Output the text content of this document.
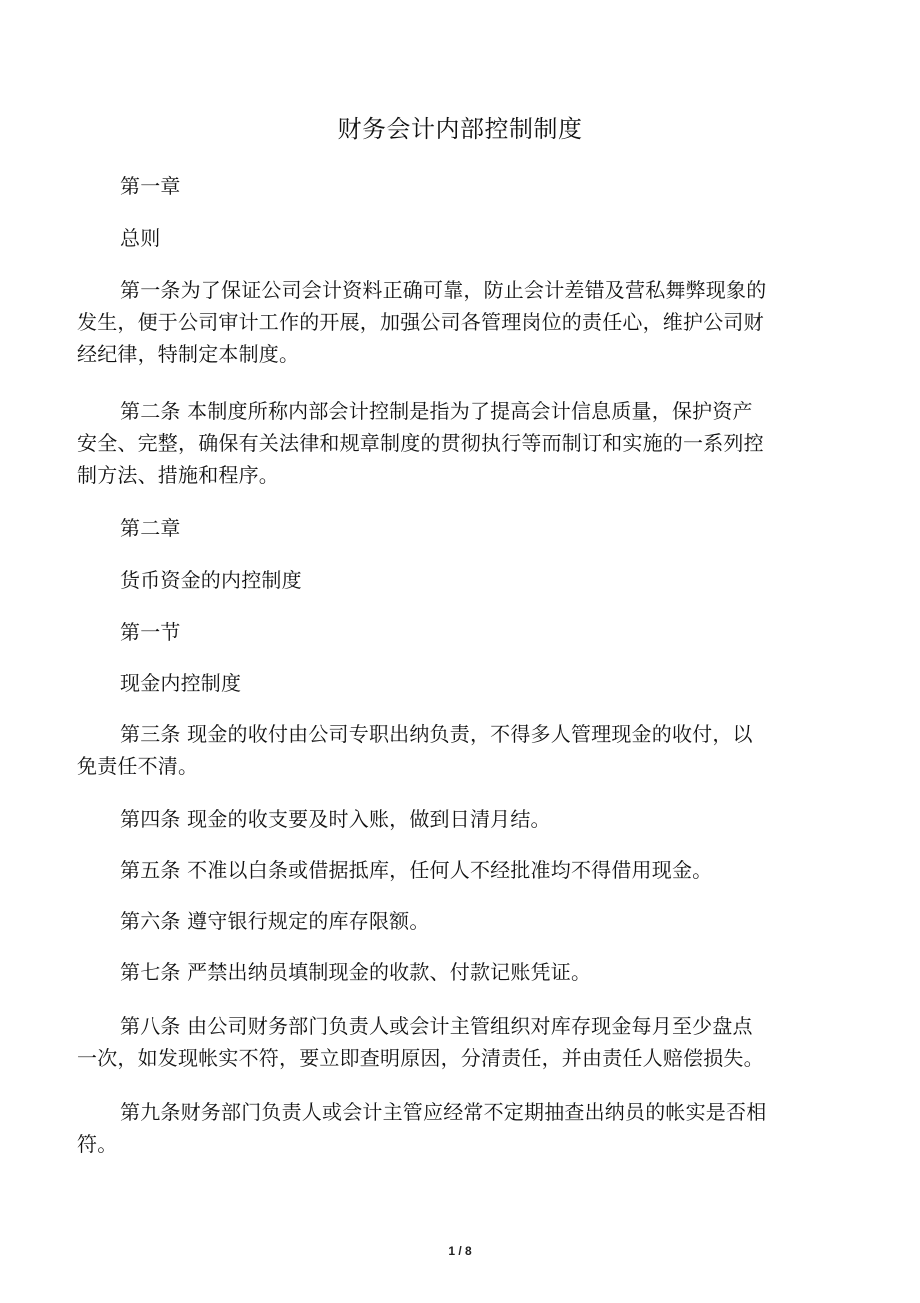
财务会计内部控制制度

第一章

总则

第一条为了保证公司会计资料正确可靠，防止会计差错及营私舞弊现象的发生，便于公司审计工作的开展，加强公司各管理岗位的责任心，维护公司财经纪律，特制定本制度。

第二条 本制度所称内部会计控制是指为了提高会计信息质量，保护资产安全、完整，确保有关法律和规章制度的贯彻执行等而制订和实施的一系列控制方法、措施和程序。

第二章

货币资金的内控制度

第一节

现金内控制度

第三条 现金的收付由公司专职出纳负责，不得多人管理现金的收付，以免责任不清。

第四条 现金的收支要及时入账，做到日清月结。

第五条 不准以白条或借据抵库，任何人不经批准均不得借用现金。

第六条 遵守银行规定的库存限额。

第七条 严禁出纳员填制现金的收款、付款记账凭证。

第八条 由公司财务部门负责人或会计主管组织对库存现金每月至少盘点一次，如发现帐实不符，要立即查明原因，分清责任，并由责任人赔偿损失。

第九条财务部门负责人或会计主管应经常不定期抽查出纳员的帐实是否相符。

1 / 8
